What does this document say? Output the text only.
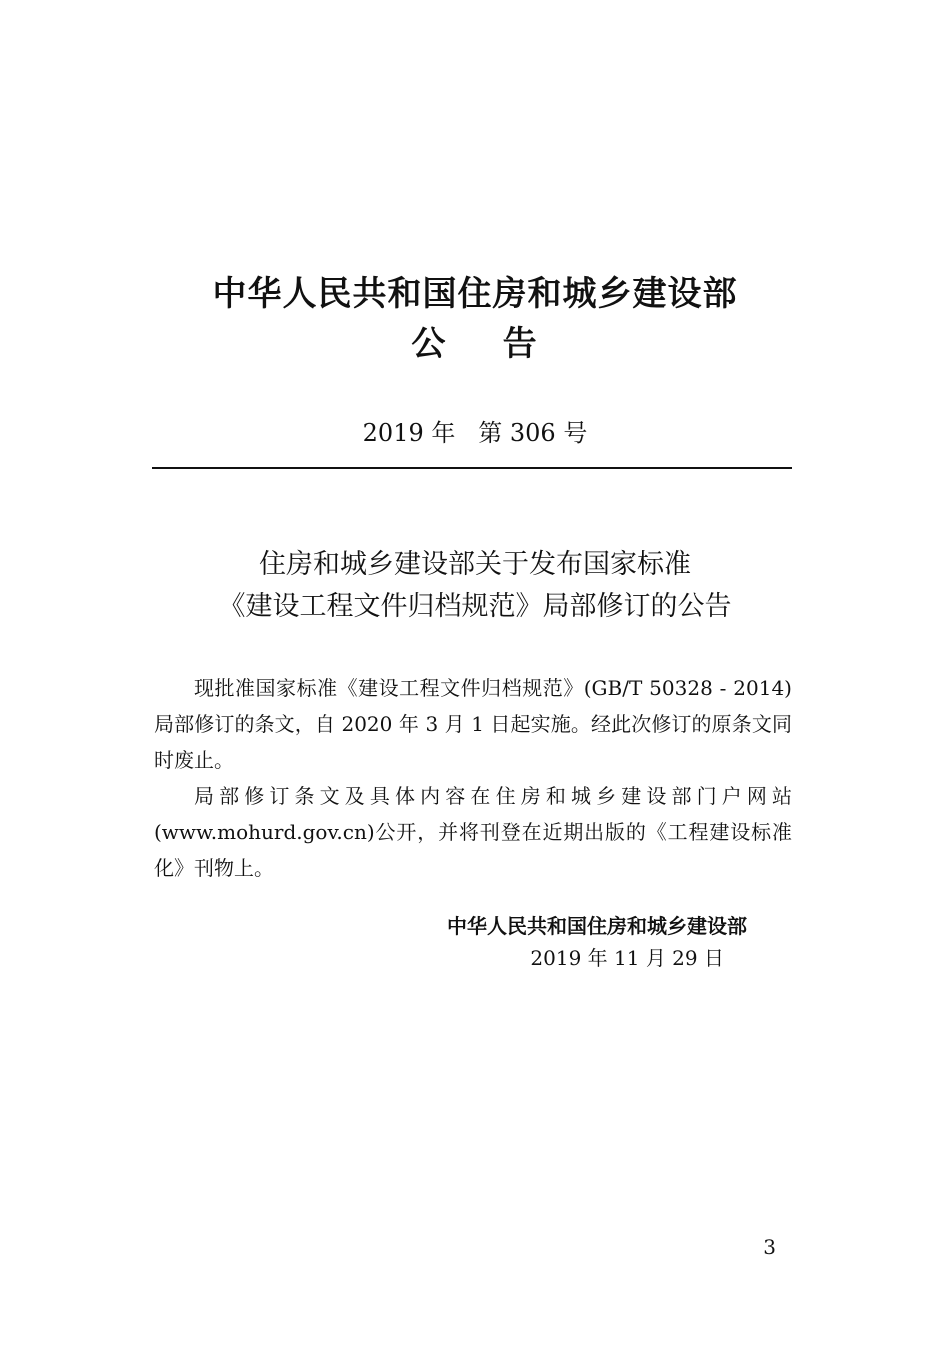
中华人民共和国住房和城乡建设部
公    告
2019 年   第 306 号
住房和城乡建设部关于发布国家标准
《建设工程文件归档规范》局部修订的公告

现批准国家标准《建设工程文件归档规范》(GB/T 50328 - 2014)局部修订的条文，自 2020 年 3 月 1 日起实施。经此次修订的原条文同时废止。

局部修订条文及具体内容在住房和城乡建设部门户网站(www.mohurd.gov.cn)公开，并将刊登在近期出版的《工程建设标准化》刊物上。

中华人民共和国住房和城乡建设部
2019 年 11 月 29 日
3
